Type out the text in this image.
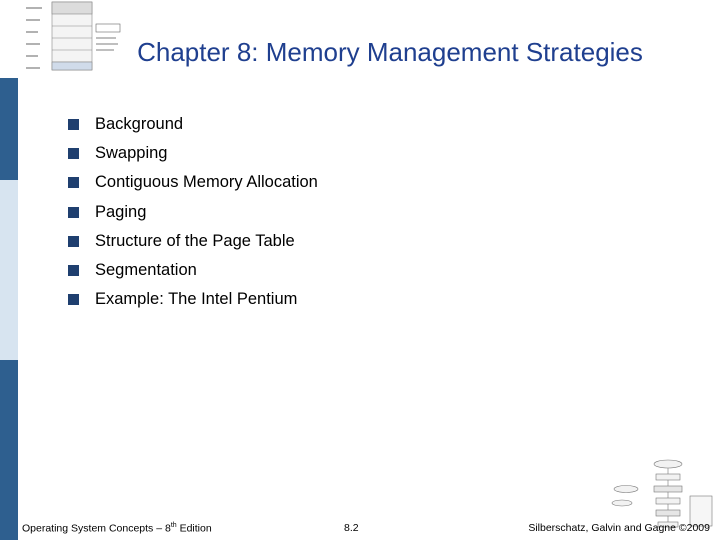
Chapter 8: Memory Management Strategies
Background
Swapping
Contiguous Memory Allocation
Paging
Structure of the Page Table
Segmentation
Example: The Intel Pentium
Operating System Concepts – 8th Edition	8.2	Silberschatz, Galvin and Gagne ©2009
